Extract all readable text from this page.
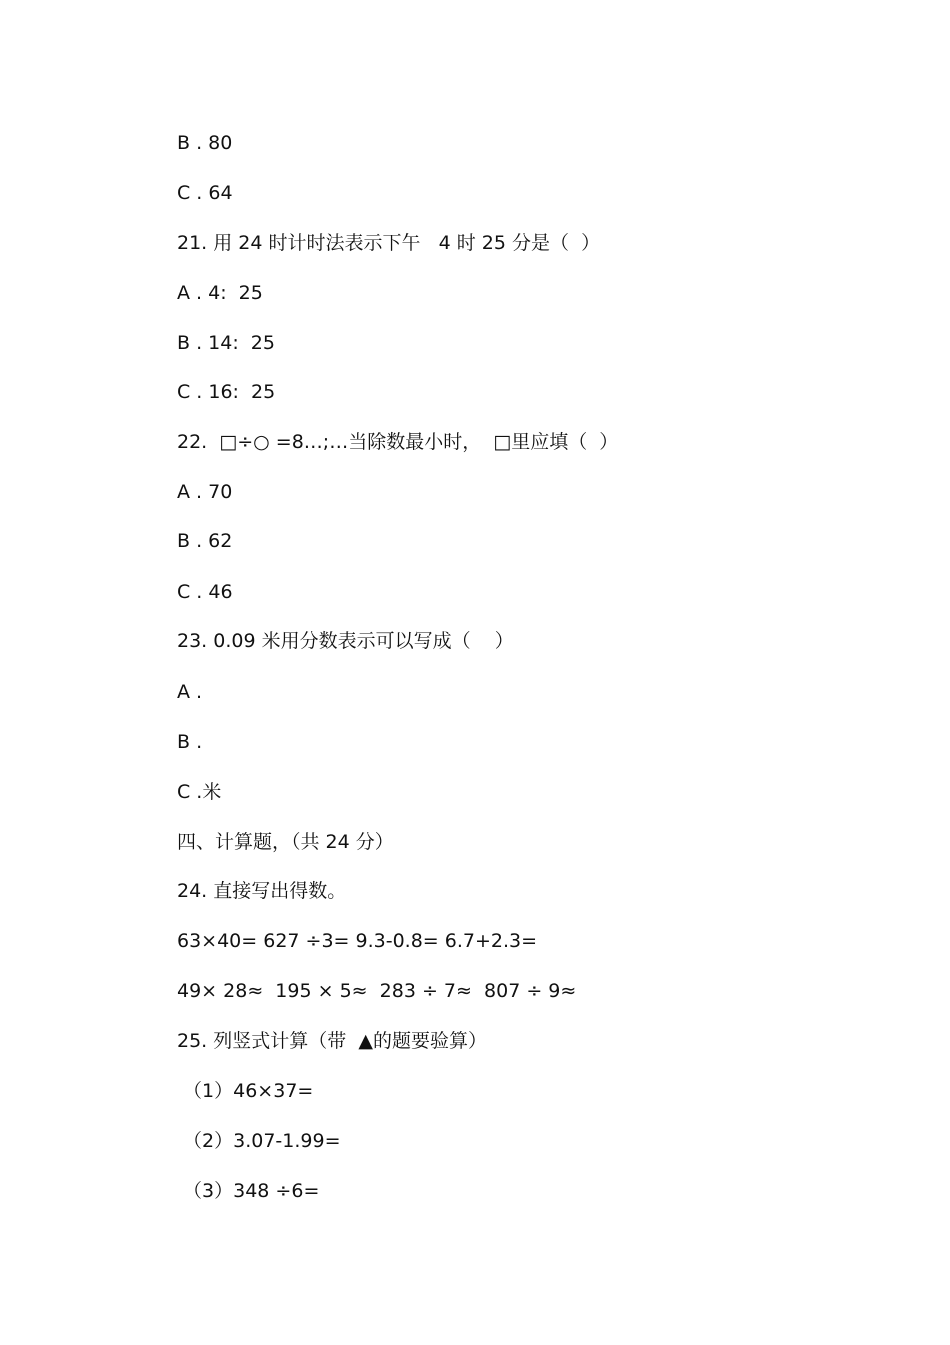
B . 80
C . 64
21. 用 24 时计时法表示下午   4 时 25 分是（  ）
A . 4:  25
B . 14:  25
C . 16:  25
22.  □÷○ =8…;…当除数最小时，  □里应填（  ）
A . 70
B . 62
C . 46
23. 0.09 米用分数表示可以写成（    ）
A .
B .
C .米
四、计算题，（共 24 分）
24. 直接写出得数。
63×40= 627 ÷3= 9.3-0.8= 6.7+2.3=
49× 28≈  195 × 5≈  283 ÷ 7≈  807 ÷ 9≈
25. 列竖式计算（带  ▲的题要验算）
（1）46×37=
（2）3.07-1.99=
（3）348 ÷6=
